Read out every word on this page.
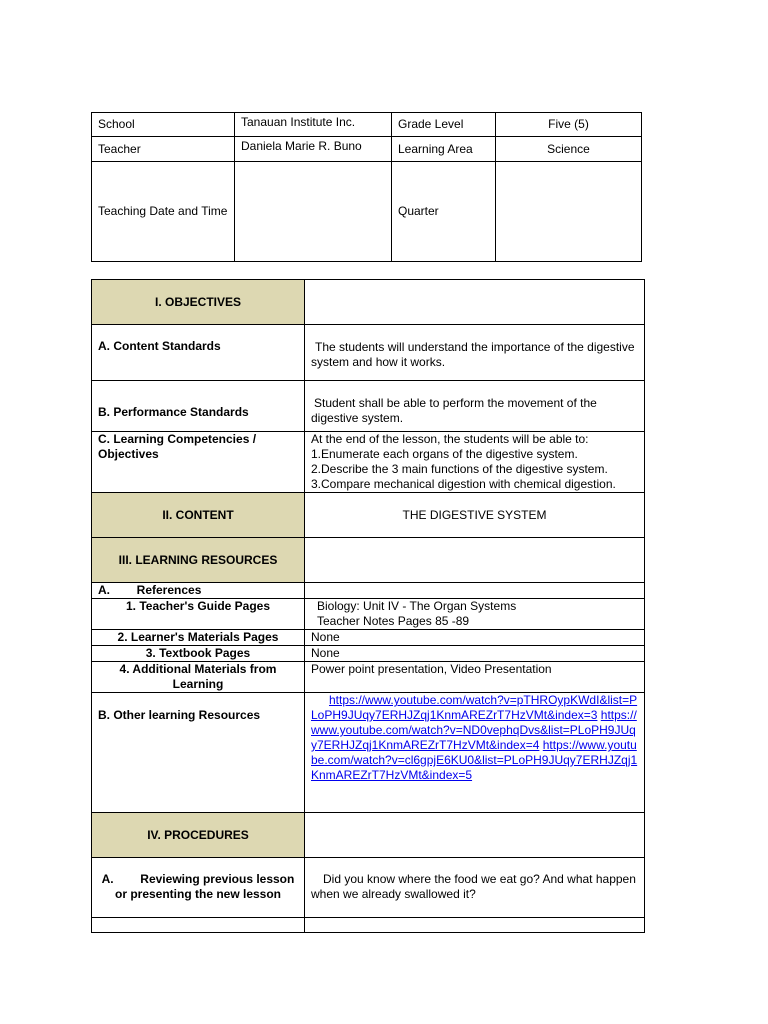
School	Tanauan Institute Inc.	Grade Level	Five (5)
Teacher	Daniela Marie R. Buno	Learning Area	Science
Teaching Date and Time		Quarter	
I. OBJECTIVES	
A. Content Standards	The students will understand the importance of the digestive system and how it works.
B. Performance Standards	Student shall be able to perform the movement of the digestive system.
C. Learning Competencies / Objectives	At the end of the lesson, the students will be able to:
1.Enumerate each organs of the digestive system.
2.Describe the 3 main functions of the digestive system.
3.Compare mechanical digestion with chemical digestion.

II. CONTENT	THE DIGESTIVE SYSTEM
III. LEARNING RESOURCES	
A.        References	
1. Teacher's Guide Pages	Biology: Unit IV - The Organ Systems
Teacher Notes Pages 85 -89

2. Learner's Materials Pages	None
3. Textbook Pages	None
4. Additional Materials from Learning	Power point presentation, Video Presentation
B. Other learning Resources	https://www.youtube.com/watch?v=pTHROypKWdI&list=PLoPH9JUqy7ERHJZqj1KnmAREZrT7HzVMt&index=3 https://www.youtube.com/watch?v=ND0vephqDvs&list=PLoPH9JUqy7ERHJZqj1KnmAREZrT7HzVMt&index=4 https://www.youtube.com/watch?v=cl6gpjE6KU0&list=PLoPH9JUqy7ERHJZqj1KnmAREZrT7HzVMt&index=5
IV. PROCEDURES	
A.        Reviewing previous lesson or presenting the new lesson	Did you know where the food we eat go? And what happen when we already swallowed it?
